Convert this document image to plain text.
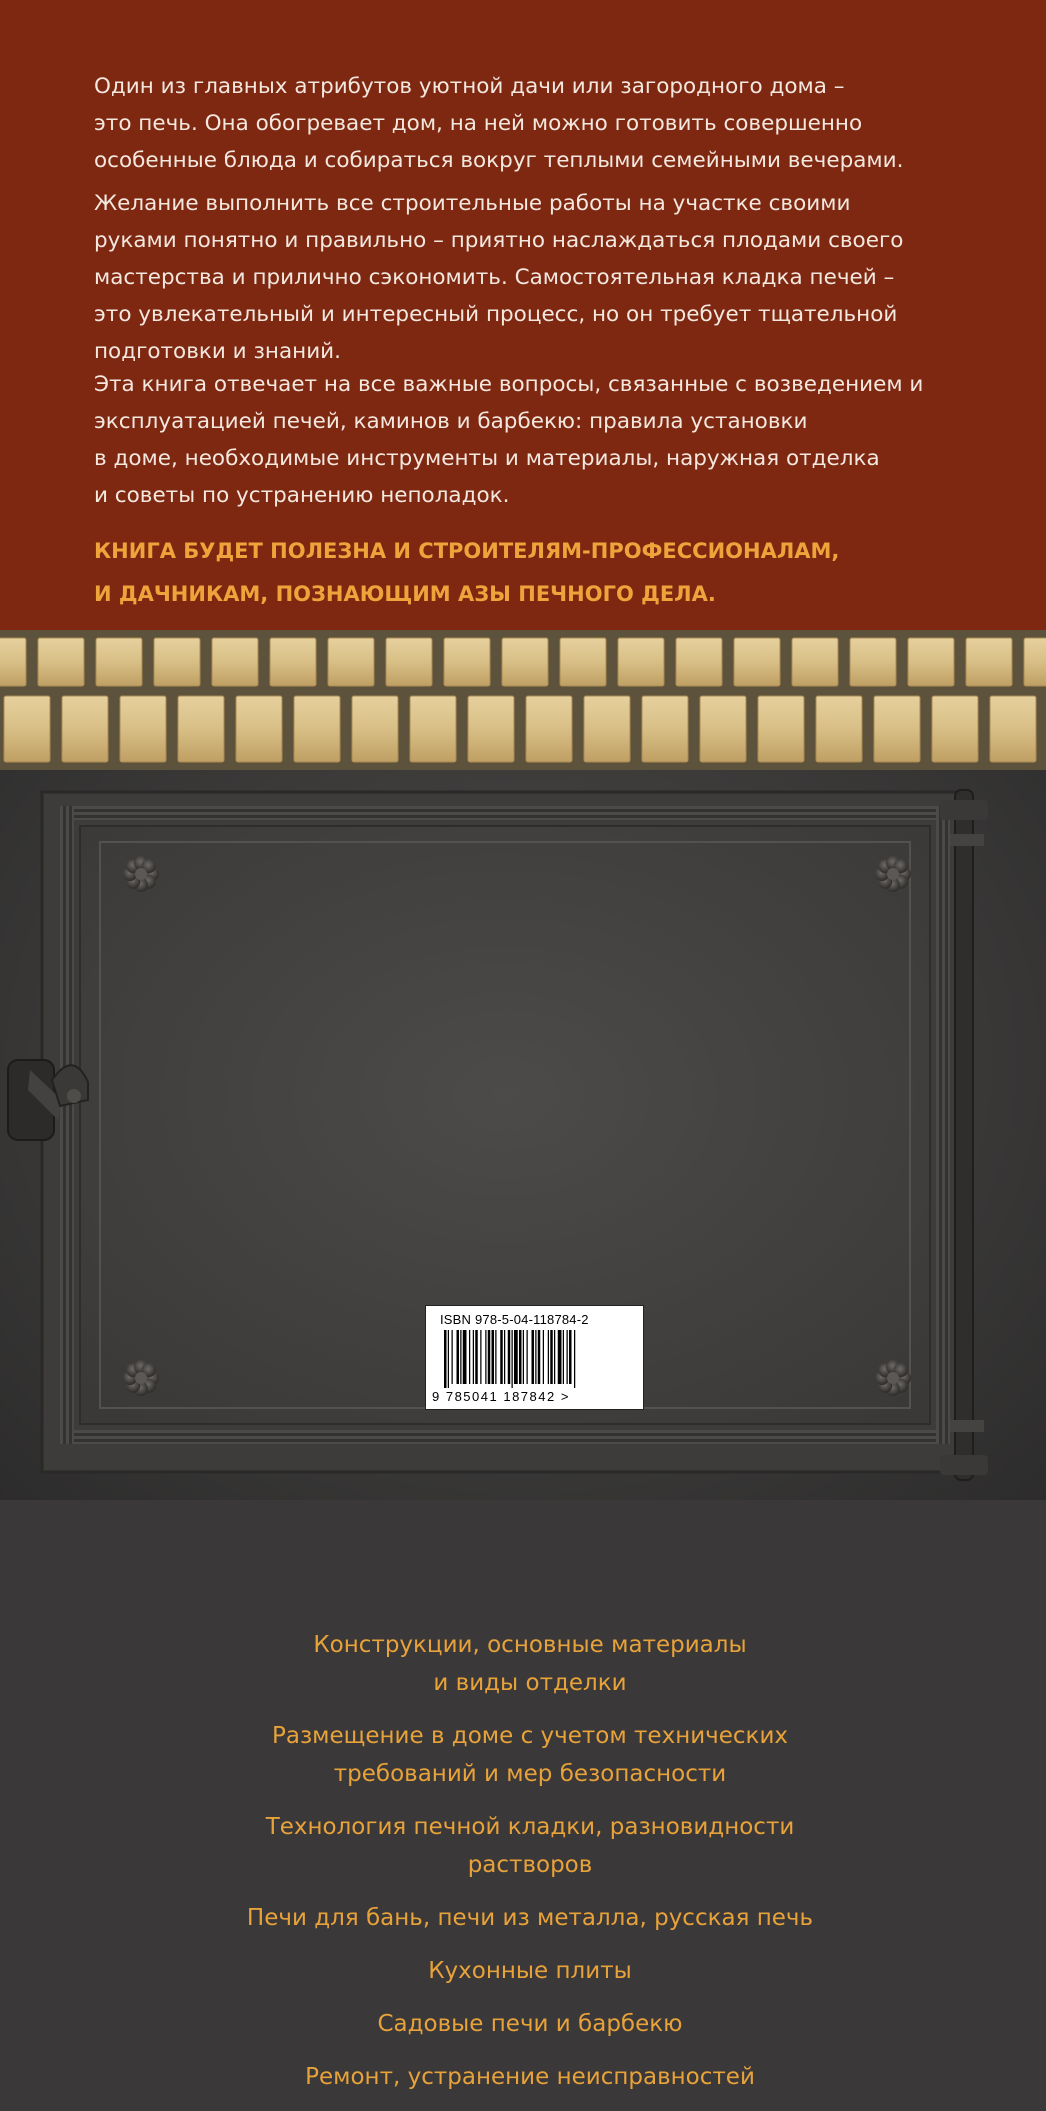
Один из главных атрибутов уютной дачи или загородного дома –
это печь. Она обогревает дом, на ней можно готовить совершенно
особенные блюда и собираться вокруг теплыми семейными вечерами.

Желание выполнить все строительные работы на участке своими
руками понятно и правильно – приятно наслаждаться плодами своего
мастерства и прилично сэкономить. Самостоятельная кладка печей –
это увлекательный и интересный процесс, но он требует тщательной
подготовки и знаний.

Эта книга отвечает на все важные вопросы, связанные с возведением и
эксплуатацией печей, каминов и барбекю: правила установки
в доме, необходимые инструменты и материалы, наружная отделка
и советы по устранению неполадок.

КНИГА БУДЕТ ПОЛЕЗНА И СТРОИТЕЛЯМ-ПРОФЕССИОНАЛАМ,
И ДАЧНИКАМ, ПОЗНАЮЩИМ АЗЫ ПЕЧНОГО ДЕЛА.
Конструкции, основные материалы
и виды отделки
Размещение в доме с учетом технических
требований и мер безопасности
Технология печной кладки, разновидности
растворов
Печи для бань, печи из металла, русская печь
Кухонные плиты
Садовые печи и барбекю
Ремонт, устранение неисправностей
ISBN 978-5-04-118784-2
9 785041 187842 >
